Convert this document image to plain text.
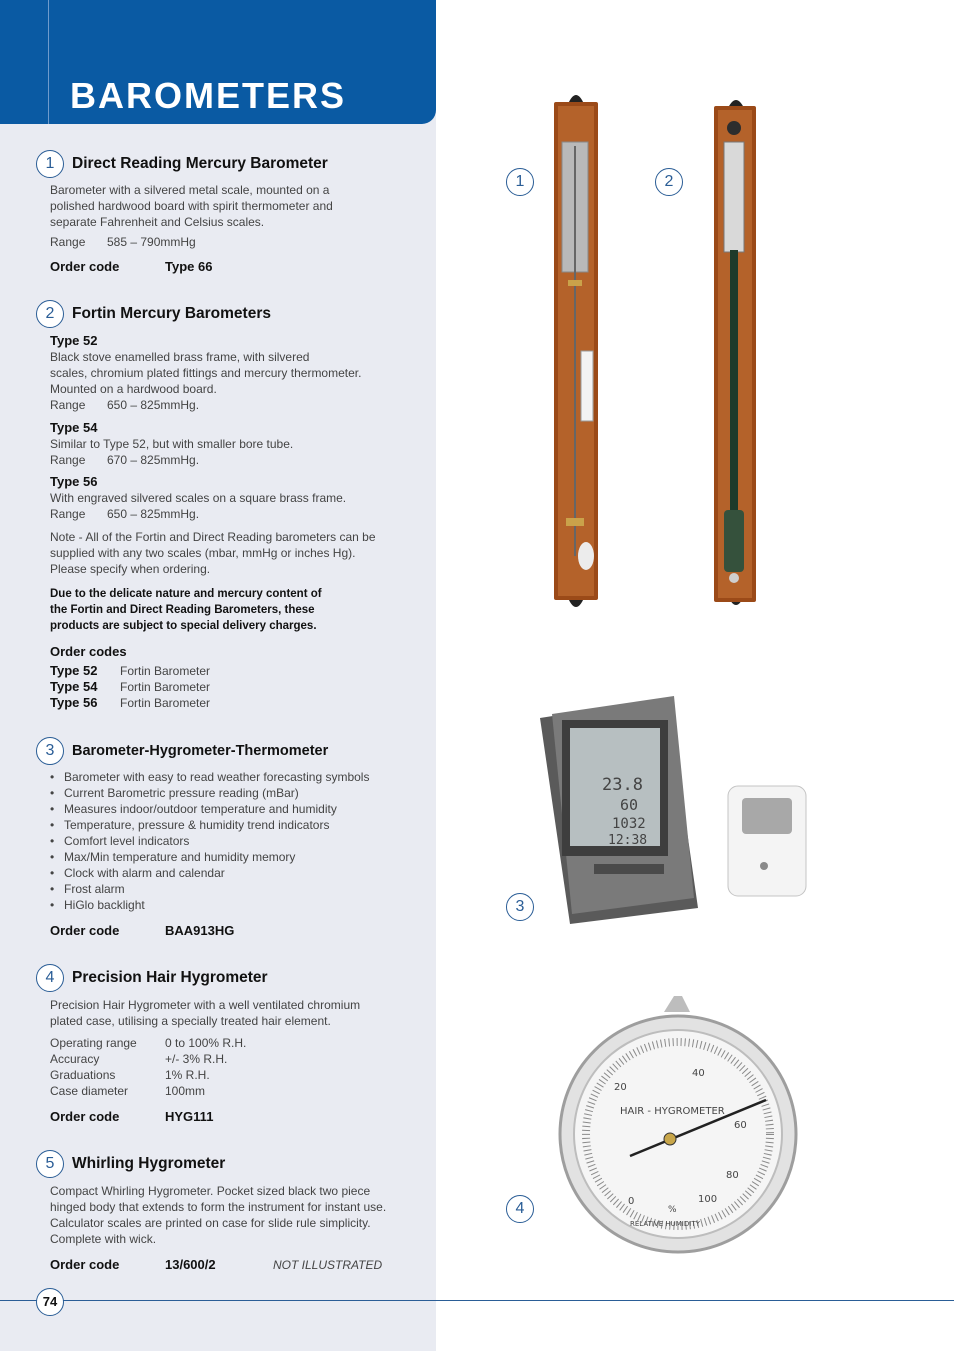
BAROMETERS
1	Direct Reading Mercury Barometer

Barometer with a silvered metal scale, mounted on a

polished hardwood board with spirit thermometer and

separate Fahrenheit and Celsius scales.

Range 585 – 790mmHg
Order code	Type 66
2	Fortin Mercury Barometers

Type 52

Black stove enamelled brass frame, with silvered

scales, chromium plated fittings and mercury thermometer.

Mounted on a hardwood board.

Range 650 – 825mmHg.

Type 54

Similar to Type 52, but with smaller bore tube.

Range 670 – 825mmHg.

Type 56

With engraved silvered scales on a square brass frame.

Range 650 – 825mmHg.

Note - All of the Fortin and Direct Reading barometers can be

supplied with any two scales (mbar, mmHg or inches Hg).

Please specify when ordering.

Due to the delicate nature and mercury content of

the Fortin and Direct Reading Barometers, these

products are subject to special delivery charges.

Order codes

Type 52 Fortin Barometer
Type 54 Fortin Barometer
Type 56 Fortin Barometer
3	Barometer-Hygrometer-Thermometer
• Barometer with easy to read weather forecasting symbols
• Current Barometric pressure reading (mBar)
• Measures indoor/outdoor temperature and humidity
• Temperature, pressure & humidity trend indicators
• Comfort level indicators
• Max/Min temperature and humidity memory
• Clock with alarm and calendar
• Frost alarm
• HiGlo backlight
Order code	BAA913HG
4	Precision Hair Hygrometer

Precision Hair Hygrometer with a well ventilated chromium

plated case, utilising a specially treated hair element.

Operating range 0 to 100% R.H.
Accuracy	+/- 3% R.H.
Graduations	1% R.H.
Case diameter	100mm
Order code	HYG111
5	Whirling Hygrometer

Compact Whirling Hygrometer. Pocket sized black two piece

hinged body that extends to form the instrument for instant use.

Calculator scales are printed on case for slide rule simplicity.

Complete with wick.

Order code	13/600/2	NOT ILLUSTRATED
74
1	2
3
4
23.8
60
1032
12:38
HAIR - HYGROMETER
RELATIVE HUMIDITY
0
20
40
60
80
100
%
